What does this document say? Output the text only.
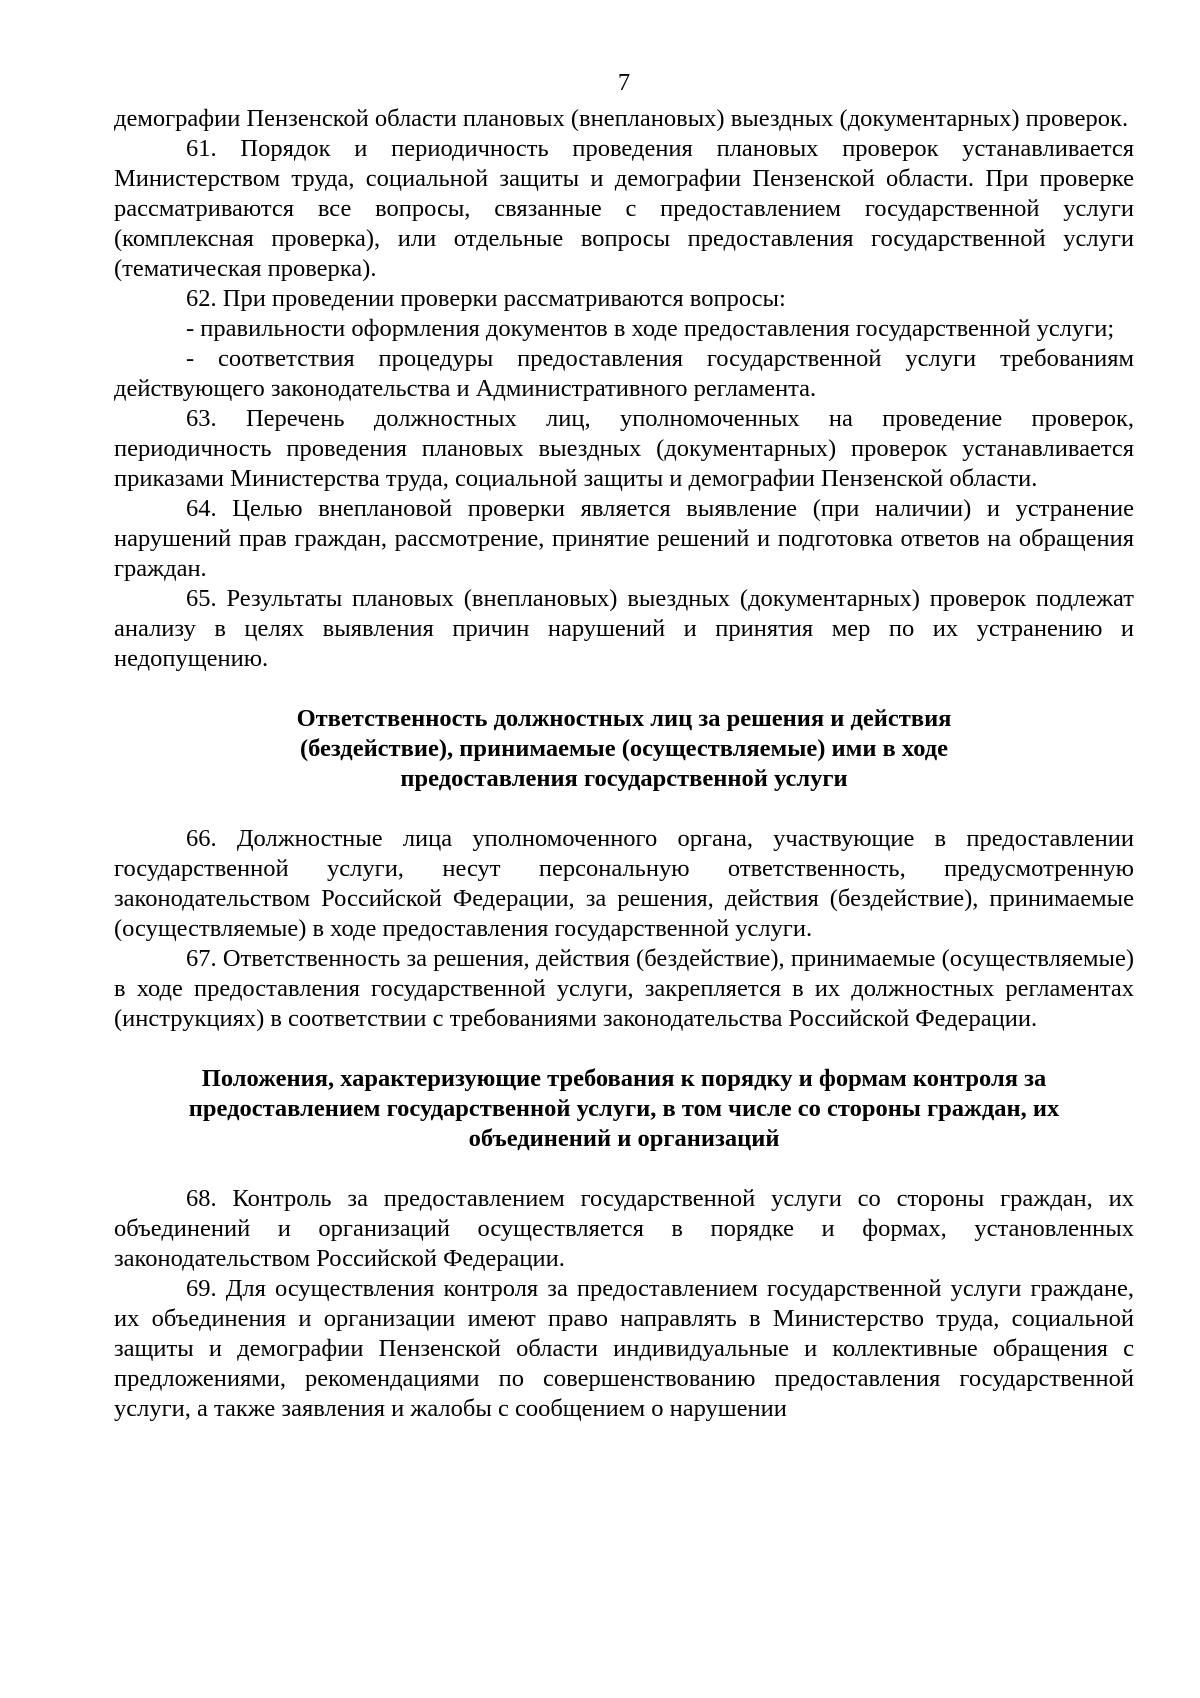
7

демографии Пензенской области плановых (внеплановых) выездных (документарных) проверок.

61. Порядок и периодичность проведения плановых проверок устанавливается Министерством труда, социальной защиты и демографии Пензенской области. При проверке рассматриваются все вопросы, связанные с предоставлением государственной услуги (комплексная проверка), или отдельные вопросы предоставления государственной услуги (тематическая проверка).

62. При проведении проверки рассматриваются вопросы:

- правильности оформления документов в ходе предоставления государственной услуги;

- соответствия процедуры предоставления государственной услуги требованиям действующего законодательства и Административного регламента.

63. Перечень должностных лиц, уполномоченных на проведение проверок, периодичность проведения плановых выездных (документарных) проверок устанавливается приказами Министерства труда, социальной защиты и демографии Пензенской области.

64. Целью внеплановой проверки является выявление (при наличии) и устранение нарушений прав граждан, рассмотрение, принятие решений и подготовка ответов на обращения граждан.

65. Результаты плановых (внеплановых) выездных (документарных) проверок подлежат анализу в целях выявления причин нарушений и принятия мер по их устранению и недопущению.

Ответственность должностных лиц за решения и действия
(бездействие), принимаемые (осуществляемые) ими в ходе
предоставления государственной услуги

66. Должностные лица уполномоченного органа, участвующие в предоставлении государственной услуги, несут персональную ответственность, предусмотренную законодательством Российской Федерации, за решения, действия (бездействие), принимаемые (осуществляемые) в ходе предоставления государственной услуги.

67. Ответственность за решения, действия (бездействие), принимаемые (осуществляемые) в ходе предоставления государственной услуги, закрепляется в их должностных регламентах (инструкциях) в соответствии с требованиями законодательства Российской Федерации.

Положения, характеризующие требования к порядку и формам контроля за
предоставлением государственной услуги, в том числе со стороны граждан, их
объединений и организаций

68. Контроль за предоставлением государственной услуги со стороны граждан, их объединений и организаций осуществляется в порядке и формах, установленных законодательством Российской Федерации.

69. Для осуществления контроля за предоставлением государственной услуги граждане, их объединения и организации имеют право направлять в Министерство труда, социальной защиты и демографии Пензенской области индивидуальные и коллективные обращения с предложениями, рекомендациями по совершенствованию предоставления государственной услуги, а также заявления и жалобы с сообщением о нарушении
